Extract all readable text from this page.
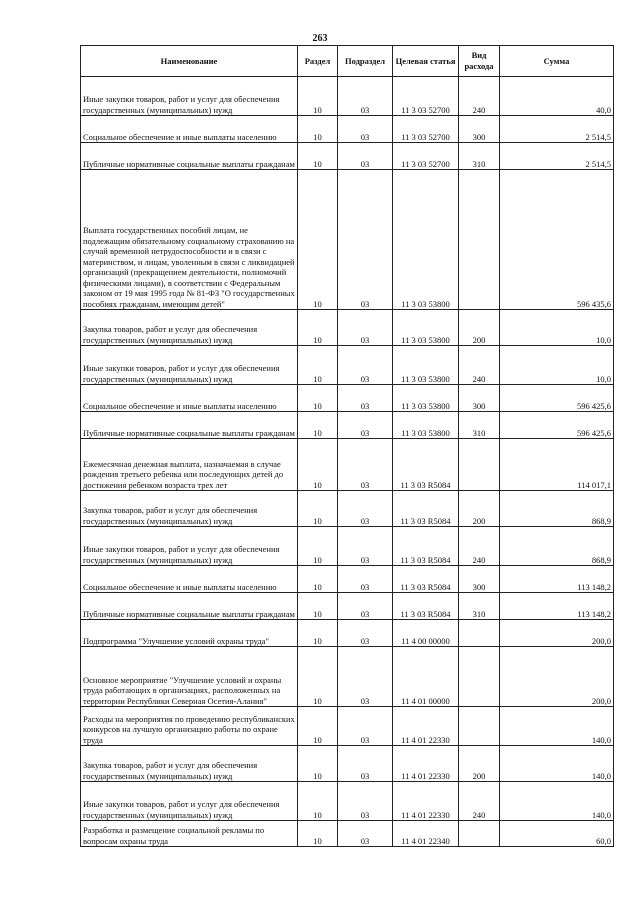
263
Наименование	Раздел	Подраздел	Целевая статья	Вид расхода	Сумма
Иные закупки товаров, работ и услуг для обеспечения государственных (муниципальных) нужд	10	03	11 3 03 52700	240	40,0
Социальное обеспечение и иные выплаты населению	10	03	11 3 03 52700	300	2 514,5
Публичные нормативные социальные выплаты гражданам	10	03	11 3 03 52700	310	2 514,5
Выплата государственных пособий лицам, не подлежащим обязательному социальному страхованию на случай временной нетрудоспособности и в связи с материнством, и лицам, уволенным в связи с ликвидацией организаций (прекращением деятельности, полномочий физическими лицами), в соответствии с Федеральным законом от 19 мая 1995 года № 81-ФЗ "О государственных пособиях гражданам, имеющим детей"	10	03	11 3 03 53800		596 435,6
Закупка товаров, работ и услуг для обеспечения государственных (муниципальных) нужд	10	03	11 3 03 53800	200	10,0
Иные закупки товаров, работ и услуг для обеспечения государственных (муниципальных) нужд	10	03	11 3 03 53800	240	10,0
Социальное обеспечение и иные выплаты населению	10	03	11 3 03 53800	300	596 425,6
Публичные нормативные социальные выплаты гражданам	10	03	11 3 03 53800	310	596 425,6
Ежемесячная денежная выплата, назначаемая в случае рождения третьего ребенка или последующих детей до достижения ребенком возраста трех лет	10	03	11 3 03 R5084		114 017,1
Закупка товаров, работ и услуг для обеспечения государственных (муниципальных) нужд	10	03	11 3 03 R5084	200	868,9
Иные закупки товаров, работ и услуг для обеспечения государственных (муниципальных) нужд	10	03	11 3 03 R5084	240	868,9
Социальное обеспечение и иные выплаты населению	10	03	11 3 03 R5084	300	113 148,2
Публичные нормативные социальные выплаты гражданам	10	03	11 3 03 R5084	310	113 148,2
Подпрограмма "Улучшение условий охраны труда"	10	03	11 4 00 00000		200,0
Основное мероприятие "Улучшение условий и охраны труда работающих в организациях, расположенных на территории Республики Северная Осетия-Алания"	10	03	11 4 01 00000		200,0
Расходы на мероприятия по проведению республиканских конкурсов на лучшую организацию работы по охране труда	10	03	11 4 01 22330		140,0
Закупка товаров, работ и услуг для обеспечения государственных (муниципальных) нужд	10	03	11 4 01 22330	200	140,0
Иные закупки товаров, работ и услуг для обеспечения государственных (муниципальных) нужд	10	03	11 4 01 22330	240	140,0
Разработка и размещение социальной рекламы по вопросам охраны труда	10	03	11 4 01 22340		60,0
